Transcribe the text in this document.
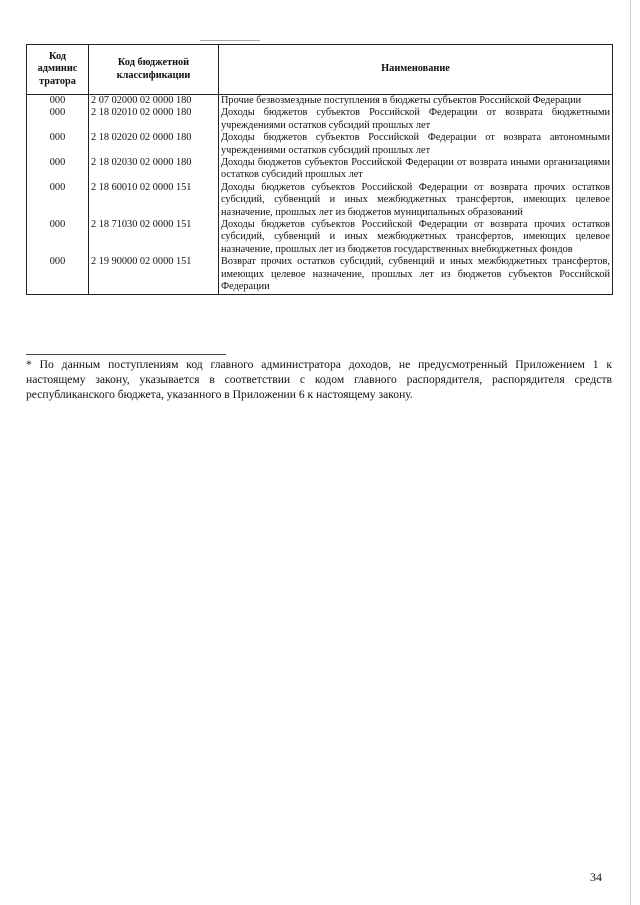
Код админис тратора	Код бюджетной классификации	Наименование
000	2 07 02000 02 0000 180	Прочие безвозмездные поступления в бюджеты субъектов Российской Федерации
000	2 18 02010 02 0000 180	Доходы бюджетов субъектов Российской Федерации от возврата бюджетными учреждениями остатков субсидий прошлых лет
000	2 18 02020 02 0000 180	Доходы бюджетов субъектов Российской Федерации от возврата автономными учреждениями остатков субсидий прошлых лет
000	2 18 02030 02 0000 180	Доходы бюджетов субъектов Российской Федерации от возврата иными организациями остатков субсидий прошлых лет
000	2 18 60010 02 0000 151	Доходы бюджетов субъектов Российской Федерации от возврата прочих остатков субсидий, субвенций и иных межбюджетных трансфертов, имеющих целевое назначение, прошлых лет из бюджетов муниципальных образований
000	2 18 71030 02 0000 151	Доходы бюджетов субъектов Российской Федерации от возврата прочих остатков субсидий, субвенций и иных межбюджетных трансфертов, имеющих целевое назначение, прошлых лет из бюджетов государственных внебюджетных фондов
000	2 19 90000 02 0000 151	Возврат прочих остатков субсидий, субвенций и иных межбюджетных трансфертов, имеющих целевое назначение, прошлых лет из бюджетов субъектов Российской Федерации

* По данным поступлениям код главного администратора доходов, не предусмотренный Приложением 1 к настоящему закону, указывается в соответствии с кодом главного распорядителя, распорядителя средств республиканского бюджета, указанного в Приложении 6 к настоящему закону.

34
